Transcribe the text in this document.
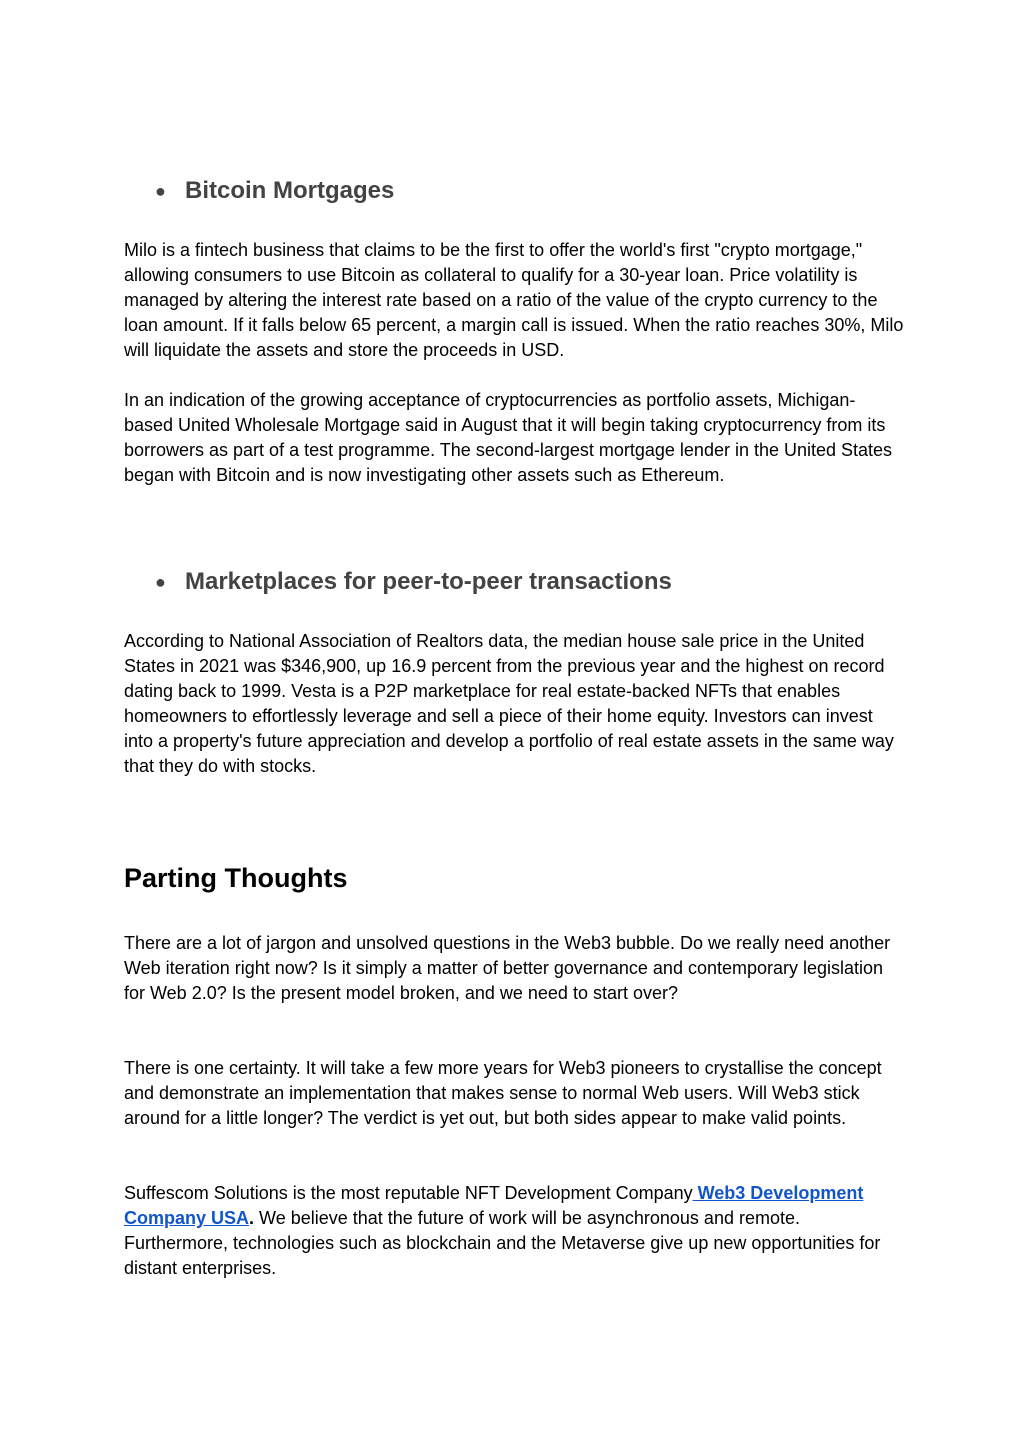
● Bitcoin Mortgages
Milo is a fintech business that claims to be the first to offer the world's first "crypto mortgage," allowing consumers to use Bitcoin as collateral to qualify for a 30-year loan. Price volatility is managed by altering the interest rate based on a ratio of the value of the crypto currency to the loan amount. If it falls below 65 percent, a margin call is issued. When the ratio reaches 30%, Milo will liquidate the assets and store the proceeds in USD.
In an indication of the growing acceptance of cryptocurrencies as portfolio assets, Michigan-based United Wholesale Mortgage said in August that it will begin taking cryptocurrency from its borrowers as part of a test programme. The second-largest mortgage lender in the United States began with Bitcoin and is now investigating other assets such as Ethereum.
● Marketplaces for peer-to-peer transactions
According to National Association of Realtors data, the median house sale price in the United States in 2021 was $346,900, up 16.9 percent from the previous year and the highest on record dating back to 1999. Vesta is a P2P marketplace for real estate-backed NFTs that enables homeowners to effortlessly leverage and sell a piece of their home equity. Investors can invest into a property's future appreciation and develop a portfolio of real estate assets in the same way that they do with stocks.
Parting Thoughts
There are a lot of jargon and unsolved questions in the Web3 bubble. Do we really need another Web iteration right now? Is it simply a matter of better governance and contemporary legislation for Web 2.0? Is the present model broken, and we need to start over?
There is one certainty. It will take a few more years for Web3 pioneers to crystallise the concept and demonstrate an implementation that makes sense to normal Web users. Will Web3 stick around for a little longer? The verdict is yet out, but both sides appear to make valid points.
Suffescom Solutions is the most reputable NFT Development Company Web3 Development Company USA. We believe that the future of work will be asynchronous and remote. Furthermore, technologies such as blockchain and the Metaverse give up new opportunities for distant enterprises.
